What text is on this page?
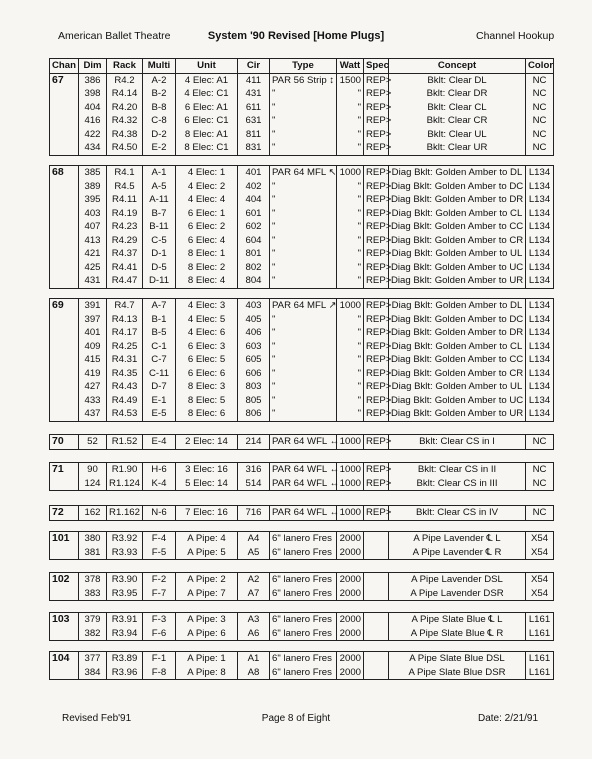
American Ballet Theatre	System '90 Revised [Home Plugs]	Channel Hookup
Chan	Dim	Rack	Multi	Unit	Cir	Type	Watt	Spec	Concept	Color
67	386	R4.2	A-2	4 Elec: A1	411	PAR 56 Strip ↕	1500	REP>	Bklt: Clear DL	NC
	398	R4.14	B-2	4 Elec: C1	431	"	"	REP>	Bklt: Clear DR	NC
	404	R4.20	B-8	6 Elec: A1	611	"	"	REP>	Bklt: Clear CL	NC
	416	R4.32	C-8	6 Elec: C1	631	"	"	REP>	Bklt: Clear CR	NC
	422	R4.38	D-2	8 Elec: A1	811	"	"	REP>	Bklt: Clear UL	NC
	434	R4.50	E-2	8 Elec: C1	831	"	"	REP>	Bklt: Clear UR	NC
68	385	R4.1	A-1	4 Elec: 1	401	PAR 64 MFL ↖	1000	REP>	Diag Bklt: Golden Amber to DL	L134
	389	R4.5	A-5	4 Elec: 2	402	"	"	REP>	Diag Bklt: Golden Amber to DC	L134
	395	R4.11	A-11	4 Elec: 4	404	"	"	REP>	Diag Bklt: Golden Amber to DR	L134
	403	R4.19	B-7	6 Elec: 1	601	"	"	REP>	Diag Bklt: Golden Amber to CL	L134
	407	R4.23	B-11	6 Elec: 2	602	"	"	REP>	Diag Bklt: Golden Amber to CC	L134
	413	R4.29	C-5	6 Elec: 4	604	"	"	REP>	Diag Bklt: Golden Amber to CR	L134
	421	R4.37	D-1	8 Elec: 1	801	"	"	REP>	Diag Bklt: Golden Amber to UL	L134
	425	R4.41	D-5	8 Elec: 2	802	"	"	REP>	Diag Bklt: Golden Amber to UC	L134
	431	R4.47	D-11	8 Elec: 4	804	"	"	REP>	Diag Bklt: Golden Amber to UR	L134
69	391	R4.7	A-7	4 Elec: 3	403	PAR 64 MFL ↗	1000	REP>	Diag Bklt: Golden Amber to DL	L134
	397	R4.13	B-1	4 Elec: 5	405	"	"	REP>	Diag Bklt: Golden Amber to DC	L134
	401	R4.17	B-5	4 Elec: 6	406	"	"	REP>	Diag Bklt: Golden Amber to DR	L134
	409	R4.25	C-1	6 Elec: 3	603	"	"	REP>	Diag Bklt: Golden Amber to CL	L134
	415	R4.31	C-7	6 Elec: 5	605	"	"	REP>	Diag Bklt: Golden Amber to CC	L134
	419	R4.35	C-11	6 Elec: 6	606	"	"	REP>	Diag Bklt: Golden Amber to CR	L134
	427	R4.43	D-7	8 Elec: 3	803	"	"	REP>	Diag Bklt: Golden Amber to UL	L134
	433	R4.49	E-1	8 Elec: 5	805	"	"	REP>	Diag Bklt: Golden Amber to UC	L134
	437	R4.53	E-5	8 Elec: 6	806	"	"	REP>	Diag Bklt: Golden Amber to UR	L134
70	52	R1.52	E-4	2 Elec: 14	214	PAR 64 WFL ↔	1000	REP>	Bklt: Clear CS in I	NC
71	90	R1.90	H-6	3 Elec: 16	316	PAR 64 WFL ↔	1000	REP>	Bklt: Clear CS in II	NC
	124	R1.124	K-4	5 Elec: 14	514	PAR 64 WFL ↔	1000	REP>	Bklt: Clear CS in III	NC
72	162	R1.162	N-6	7 Elec: 16	716	PAR 64 WFL ↔	1000	REP>	Bklt: Clear CS in IV	NC
101	380	R3.92	F-4	A Pipe: 4	A4	6" lanero Fres	2000		A Pipe Lavender ℄ L	X54
	381	R3.93	F-5	A Pipe: 5	A5	6" lanero Fres	2000		A Pipe Lavender ℄ R	X54
102	378	R3.90	F-2	A Pipe: 2	A2	6" lanero Fres	2000		A Pipe Lavender DSL	X54
	383	R3.95	F-7	A Pipe: 7	A7	6" lanero Fres	2000		A Pipe Lavender DSR	X54
103	379	R3.91	F-3	A Pipe: 3	A3	6" lanero Fres	2000		A Pipe Slate Blue ℄ L	L161
	382	R3.94	F-6	A Pipe: 6	A6	6" lanero Fres	2000		A Pipe Slate Blue ℄ R	L161
104	377	R3.89	F-1	A Pipe: 1	A1	6" lanero Fres	2000		A Pipe Slate Blue DSL	L161
	384	R3.96	F-8	A Pipe: 8	A8	6" lanero Fres	2000		A Pipe Slate Blue DSR	L161
Revised Feb'91	Page 8 of Eight	Date: 2/21/91
